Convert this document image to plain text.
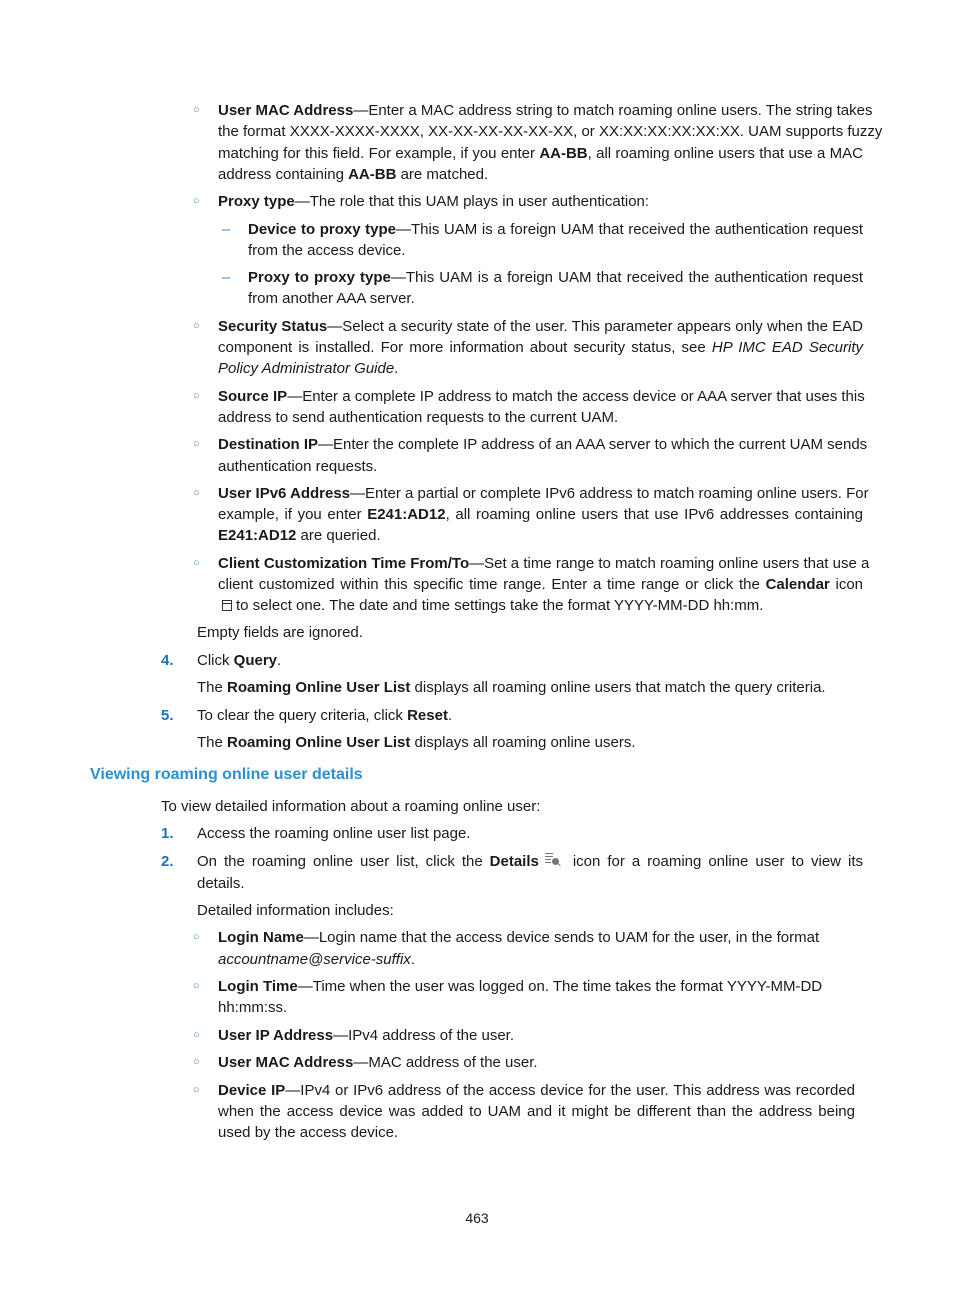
○ User MAC Address—Enter a MAC address string to match roaming online users. The string takes
the format XXXX-XXXX-XXXX, XX-XX-XX-XX-XX-XX, or XX:XX:XX:XX:XX:XX. UAM supports fuzzy
matching for this field. For example, if you enter AA-BB, all roaming online users that use a MAC
address containing AA-BB are matched.
○ Proxy type—The role that this UAM plays in user authentication:
– Device to proxy type—This UAM is a foreign UAM that received the authentication request
from the access device.
– Proxy to proxy type—This UAM is a foreign UAM that received the authentication request
from another AAA server.
○ Security Status—Select a security state of the user. This parameter appears only when the EAD
component is installed. For more information about security status, see HP IMC EAD Security
Policy Administrator Guide.
○ Source IP—Enter a complete IP address to match the access device or AAA server that uses this
address to send authentication requests to the current UAM.
○ Destination IP—Enter the complete IP address of an AAA server to which the current UAM sends
authentication requests.
○ User IPv6 Address—Enter a partial or complete IPv6 address to match roaming online users. For
example, if you enter E241:AD12, all roaming online users that use IPv6 addresses containing
E241:AD12 are queried.
○ Client Customization Time From/To—Set a time range to match roaming online users that use a
client customized within this specific time range. Enter a time range or click the Calendar icon
to select one. The date and time settings take the format YYYY-MM-DD hh:mm.
Empty fields are ignored.
4. Click Query.
The Roaming Online User List displays all roaming online users that match the query criteria.
5. To clear the query criteria, click Reset.
The Roaming Online User List displays all roaming online users.
Viewing roaming online user details
To view detailed information about a roaming online user:
1. Access the roaming online user list page.
2. On the roaming online user list, click the Details
icon for a roaming online user to view its
details.
Detailed information includes:
○ Login Name—Login name that the access device sends to UAM for the user, in the format
accountname@service-suffix.
○ Login Time—Time when the user was logged on. The time takes the format YYYY-MM-DD
hh:mm:ss.
○ User IP Address—IPv4 address of the user.
○ User MAC Address—MAC address of the user.
○ Device IP—IPv4 or IPv6 address of the access device for the user. This address was recorded
when the access device was added to UAM and it might be different than the address being
used by the access device.
463
